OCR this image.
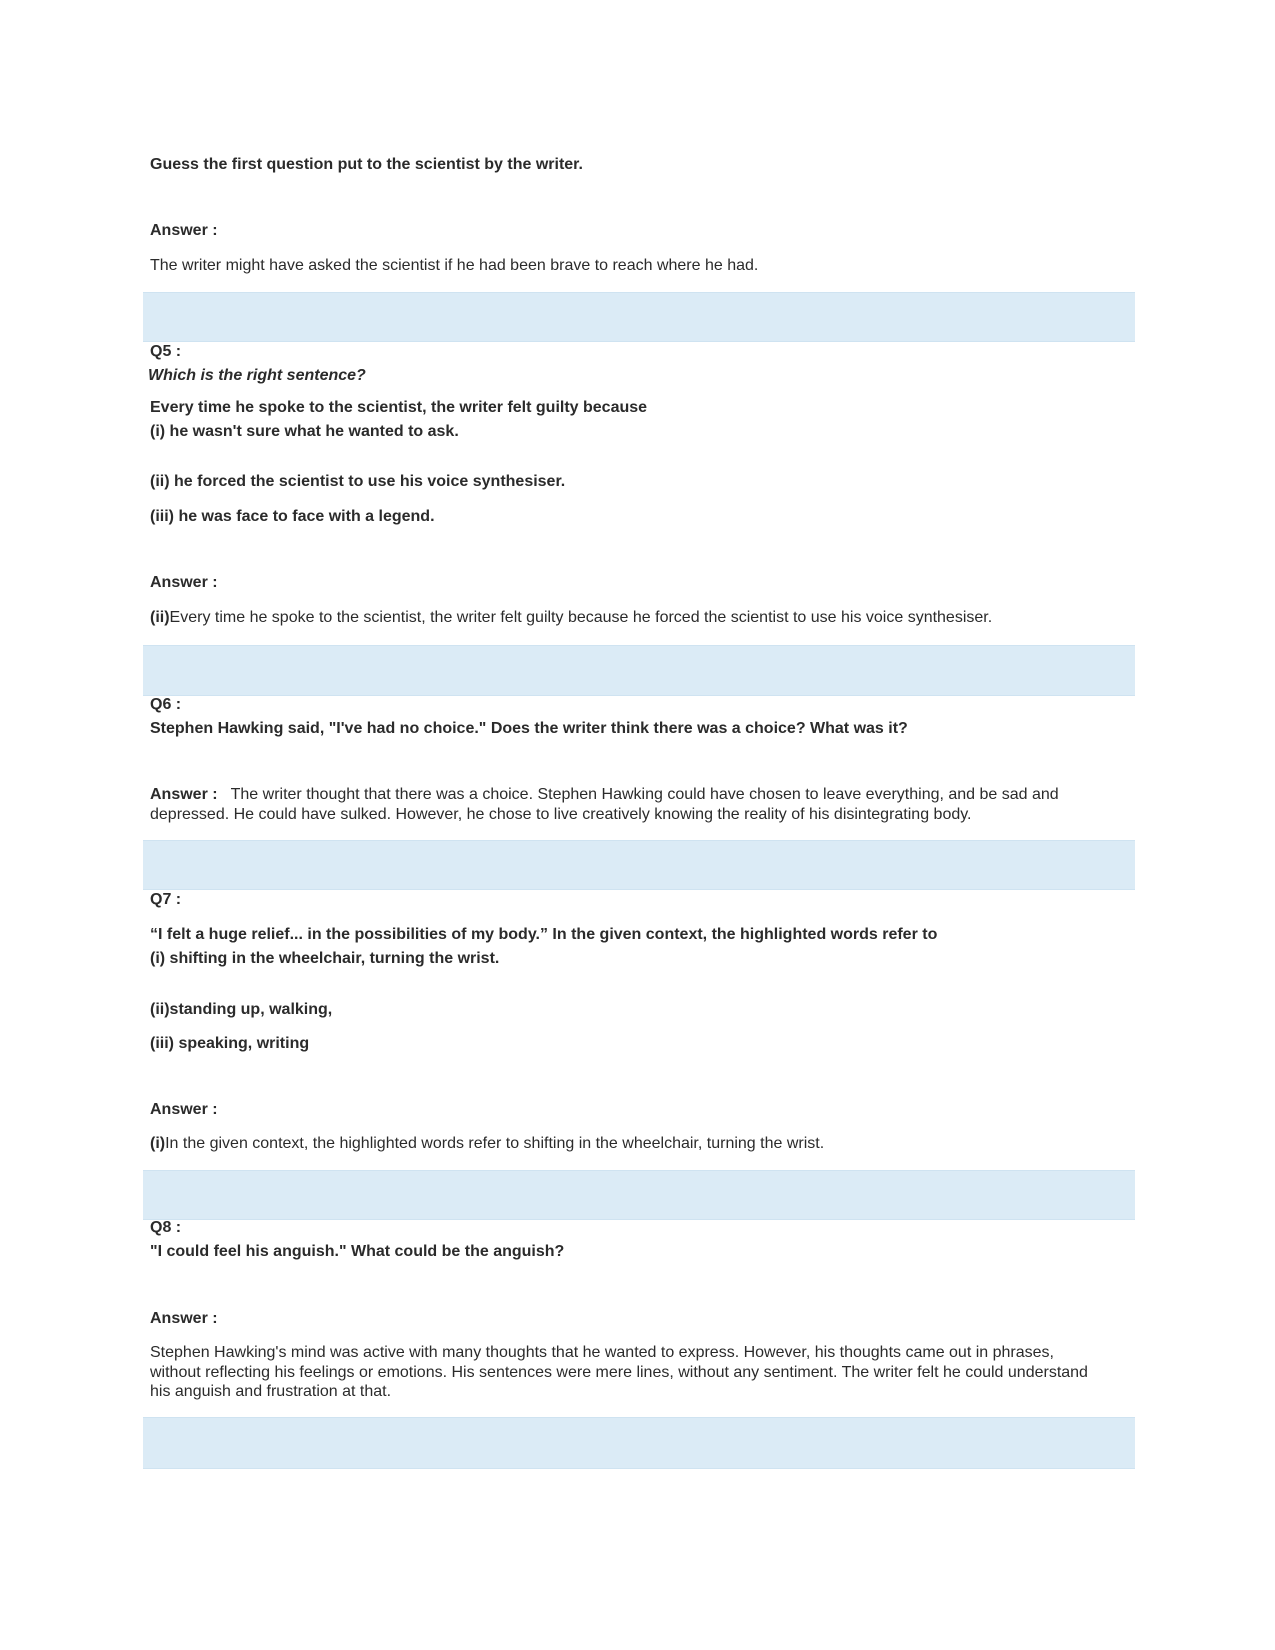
Guess the first question put to the scientist by the writer.

Answer :

The writer might have asked the scientist if he had been brave to reach where he had.

Q5 :

Which is the right sentence?

Every time he spoke to the scientist, the writer felt guilty because

(i) he wasn't sure what he wanted to ask.

(ii) he forced the scientist to use his voice synthesiser.

(iii) he was face to face with a legend.

Answer :

(ii)Every time he spoke to the scientist, the writer felt guilty because he forced the scientist to use his voice synthesiser.

Q6 :

Stephen Hawking said, "I've had no choice." Does the writer think there was a choice? What was it?

Answer : The writer thought that there was a choice. Stephen Hawking could have chosen to leave everything, and be sad and depressed. He could have sulked. However, he chose to live creatively knowing the reality of his disintegrating body.

Q7 :

“I felt a huge relief... in the possibilities of my body.” In the given context, the highlighted words refer to

(i) shifting in the wheelchair, turning the wrist.

(ii)standing up, walking,

(iii) speaking, writing

Answer :

(i)In the given context, the highlighted words refer to shifting in the wheelchair, turning the wrist.

Q8 :

"I could feel his anguish." What could be the anguish?

Answer :

Stephen Hawking's mind was active with many thoughts that he wanted to express. However, his thoughts came out in phrases, without reflecting his feelings or emotions. His sentences were mere lines, without any sentiment. The writer felt he could understand his anguish and frustration at that.
